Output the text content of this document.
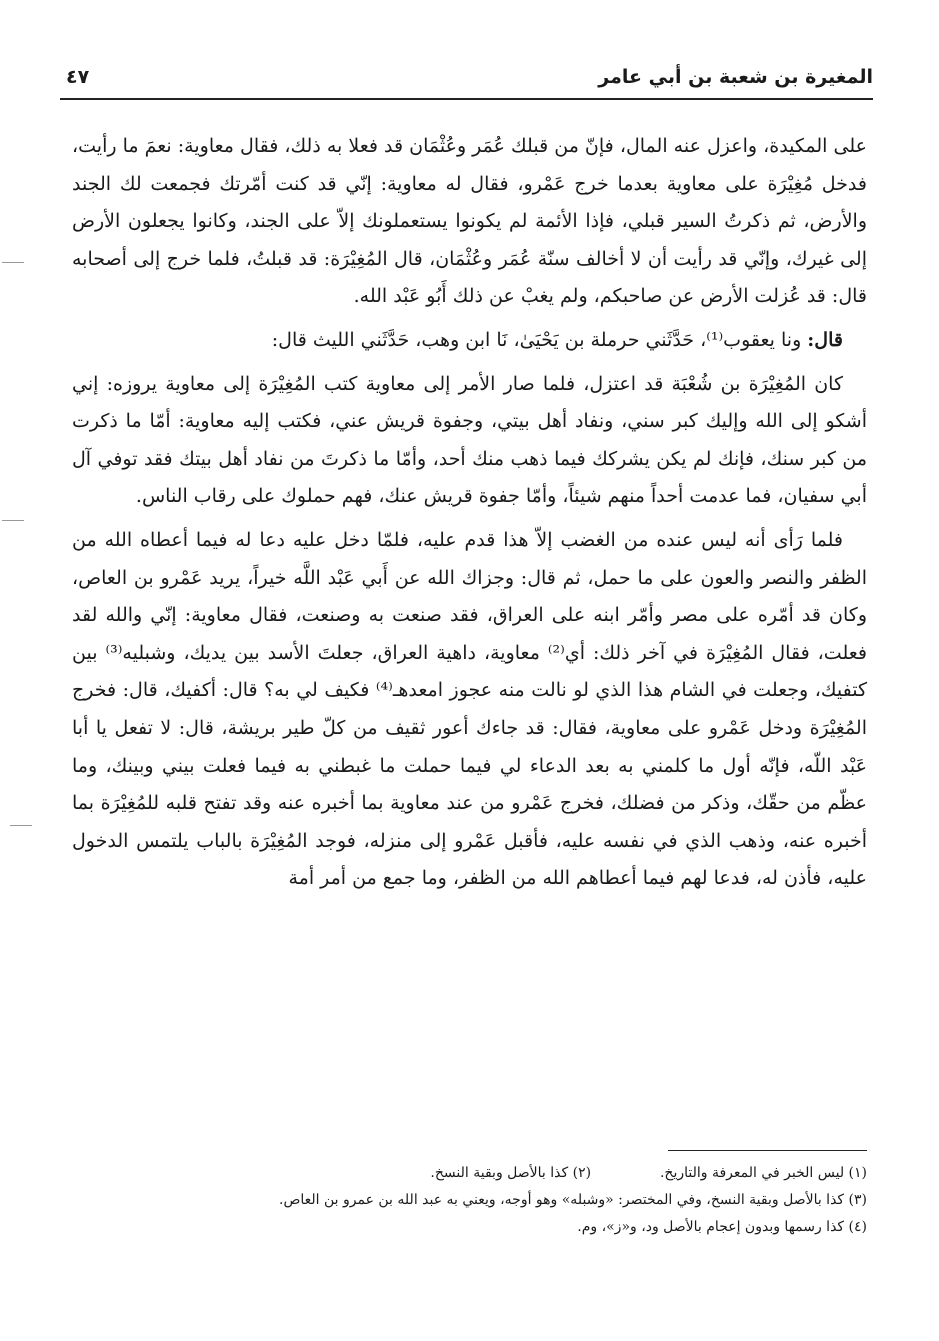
المغيرة بن شعبة بن أبي عامر
٤٧

على المكيدة، واعزل عنه المال، فإنّ من قبلك عُمَر وعُثْمَان قد فعلا به ذلك، فقال معاوية: نعمَ ما رأيت، فدخل مُغِيْرَة على معاوية بعدما خرج عَمْرو، فقال له معاوية: إنّي قد كنت أمّرتك فجمعت لك الجند والأرض، ثم ذكرتُ السير قبلي، فإذا الأئمة لم يكونوا يستعملونك إلاّ على الجند، وكانوا يجعلون الأرض إلى غيرك، وإنّي قد رأيت أن لا أخالف سنّة عُمَر وعُثْمَان، قال المُغِيْرَة: قد قبلتُ، فلما خرج إلى أصحابه قال: قد عُزلت الأرض عن صاحبكم، ولم يغبْ عن ذلك أَبُو عَبْد الله.

قال: ونا يعقوب⁽¹⁾، حَدَّثَني حرملة بن يَحْيَىٰ، نَا ابن وهب، حَدَّثَني الليث قال:

كان المُغِيْرَة بن شُعْبَة قد اعتزل، فلما صار الأمر إلى معاوية كتب المُغِيْرَة إلى معاوية يروزه: إني أشكو إلى الله وإليك كبر سني، ونفاد أهل بيتي، وجفوة قريش عني، فكتب إليه معاوية: أمّا ما ذكرت من كبر سنك، فإنك لم يكن يشركك فيما ذهب منك أحد، وأمّا ما ذكرتَ من نفاد أهل بيتك فقد توفي آل أبي سفيان، فما عدمت أحداً منهم شيئاً، وأمّا جفوة قريش عنك، فهم حملوك على رقاب الناس.

فلما رَأى أنه ليس عنده من الغضب إلاّ هذا قدم عليه، فلمّا دخل عليه دعا له فيما أعطاه الله من الظفر والنصر والعون على ما حمل، ثم قال: وجزاك الله عن أَبي عَبْد اللَّه خيراً، يريد عَمْرو بن العاص، وكان قد أمّره على مصر وأمّر ابنه على العراق، فقد صنعت به وصنعت، فقال معاوية: إنّي والله لقد فعلت، فقال المُغِيْرَة في آخر ذلك: أي⁽²⁾ معاوية، داهية العراق، جعلتَ الأسد بين يديك، وشبليه⁽³⁾ بين كتفيك، وجعلت في الشام هذا الذي لو نالت منه عجوز امعدهـ⁽⁴⁾ فكيف لي به؟ قال: أكفيك، قال: فخرج المُغِيْرَة ودخل عَمْرو على معاوية، فقال: قد جاءك أعور ثقيف من كلّ طير بريشة، قال: لا تفعل يا أبا عَبْد اللّه، فإنّه أول ما كلمني به بعد الدعاء لي فيما حملت ما غبطني به فيما فعلت بيني وبينك، وما عظّم من حقّك، وذكر من فضلك، فخرج عَمْرو من عند معاوية بما أخبره عنه وقد تفتح قلبه للمُغِيْرَة بما أخبره عنه، وذهب الذي في نفسه عليه، فأقبل عَمْرو إلى منزله، فوجد المُغِيْرَة بالباب يلتمس الدخول عليه، فأذن له، فدعا لهم فيما أعطاهم الله من الظفر، وما جمع من أمر أمة

(١) ليس الخبر في المعرفة والتاريخ.  (٢) كذا بالأصل وبقية النسخ.
(٣) كذا بالأصل وبقية النسخ، وفي المختصر: «وشبله» وهو أوجه، ويعني به عبد الله بن عمرو بن العاص.
(٤) كذا رسمها وبدون إعجام بالأصل ود، و«ز»، وم.
